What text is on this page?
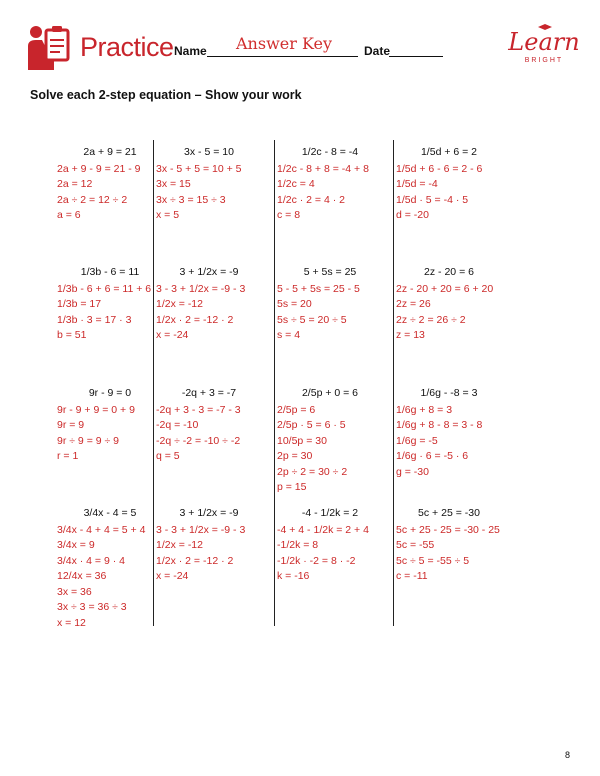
Practice Name Answer Key	Date	Learn
BRIGHT
Solve each 2-step equation – Show your work
2a + 9 = 21
2a + 9 - 9 = 21 - 9
2a = 12
2a ÷ 2 = 12 ÷ 2
a = 6
3x - 5 = 10
3x - 5 + 5 = 10 + 5
3x = 15
3x ÷ 3 = 15 ÷ 3
x = 5
1/2c - 8 = -4
1/2c - 8 + 8 = -4 + 8
1/2c = 4
1/2c · 2 = 4 · 2
c = 8
1/5d + 6 = 2
1/5d + 6 - 6 = 2 - 6
1/5d = -4
1/5d · 5 = -4 · 5
d = -20
1/3b - 6 = 11
1/3b - 6 + 6 = 11 + 6
1/3b = 17
1/3b · 3 = 17 · 3
b = 51
3 + 1/2x = -9
3 - 3 + 1/2x = -9 - 3
1/2x = -12
1/2x · 2 = -12 · 2
x = -24
5 + 5s = 25
5 - 5 + 5s = 25 - 5
5s = 20
5s ÷ 5 = 20 ÷ 5
s = 4
2z - 20 = 6
2z - 20 + 20 = 6 + 20
2z = 26
2z ÷ 2 = 26 ÷ 2
z = 13
9r - 9 = 0
9r - 9 + 9 = 0 + 9
9r = 9
9r ÷ 9 = 9 ÷ 9
r = 1
-2q + 3 = -7
-2q + 3 - 3 = -7 - 3
-2q = -10
-2q ÷ -2 = -10 ÷ -2
q = 5
2/5p + 0 = 6
2/5p = 6
2/5p · 5 = 6 · 5
10/5p = 30
2p = 30
2p ÷ 2 = 30 ÷ 2
p = 15
1/6g - -8 = 3
1/6g + 8 = 3
1/6g + 8 - 8 = 3 - 8
1/6g = -5
1/6g · 6 = -5 · 6
g = -30
3/4x - 4 = 5
3/4x - 4 + 4 = 5 + 4
3/4x = 9
3/4x · 4 = 9 · 4
12/4x = 36
3x = 36
3x ÷ 3 = 36 ÷ 3
x = 12
3 + 1/2x = -9
3 - 3 + 1/2x = -9 - 3
1/2x = -12
1/2x · 2 = -12 · 2
x = -24
-4 - 1/2k = 2
-4 + 4 - 1/2k = 2 + 4
-1/2k = 8
-1/2k · -2 = 8 · -2
k = -16
5c + 25 = -30
5c + 25 - 25 = -30 - 25
5c = -55
5c ÷ 5 = -55 ÷ 5
c = -11
8
